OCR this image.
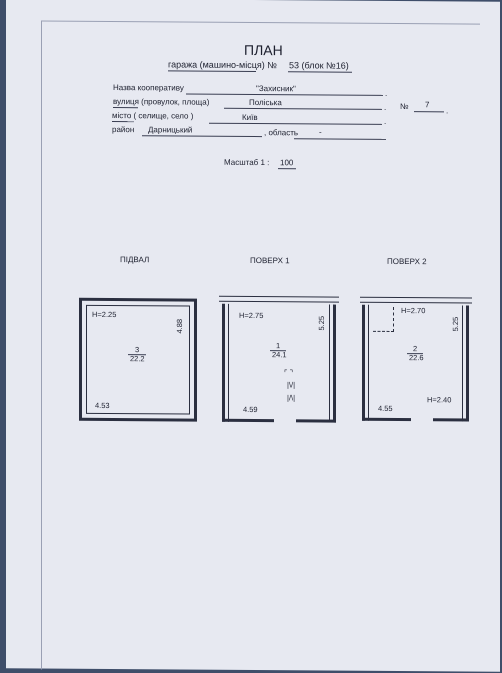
ПЛАН
гаража (машино-місця) № 53 (блок №16)
Назва кооперативу	"Захисник"
.
вулиця (провулок, площа)	Поліська
. № 7
.
місто ( селище, село )	Київ	.
район Дарницький	, область	-
Масштаб 1 : 100
ПІДВАЛ	ПОВЕРХ 1	ПОВЕРХ 2
H=2.25
4.88
3
22.2
4.53
H=2.75
5.25
1
24.1
⌜ ⌝
|\/|
|/\|
4.59
H=2.70
5.25
2
22.6
H=2.40
4.55
